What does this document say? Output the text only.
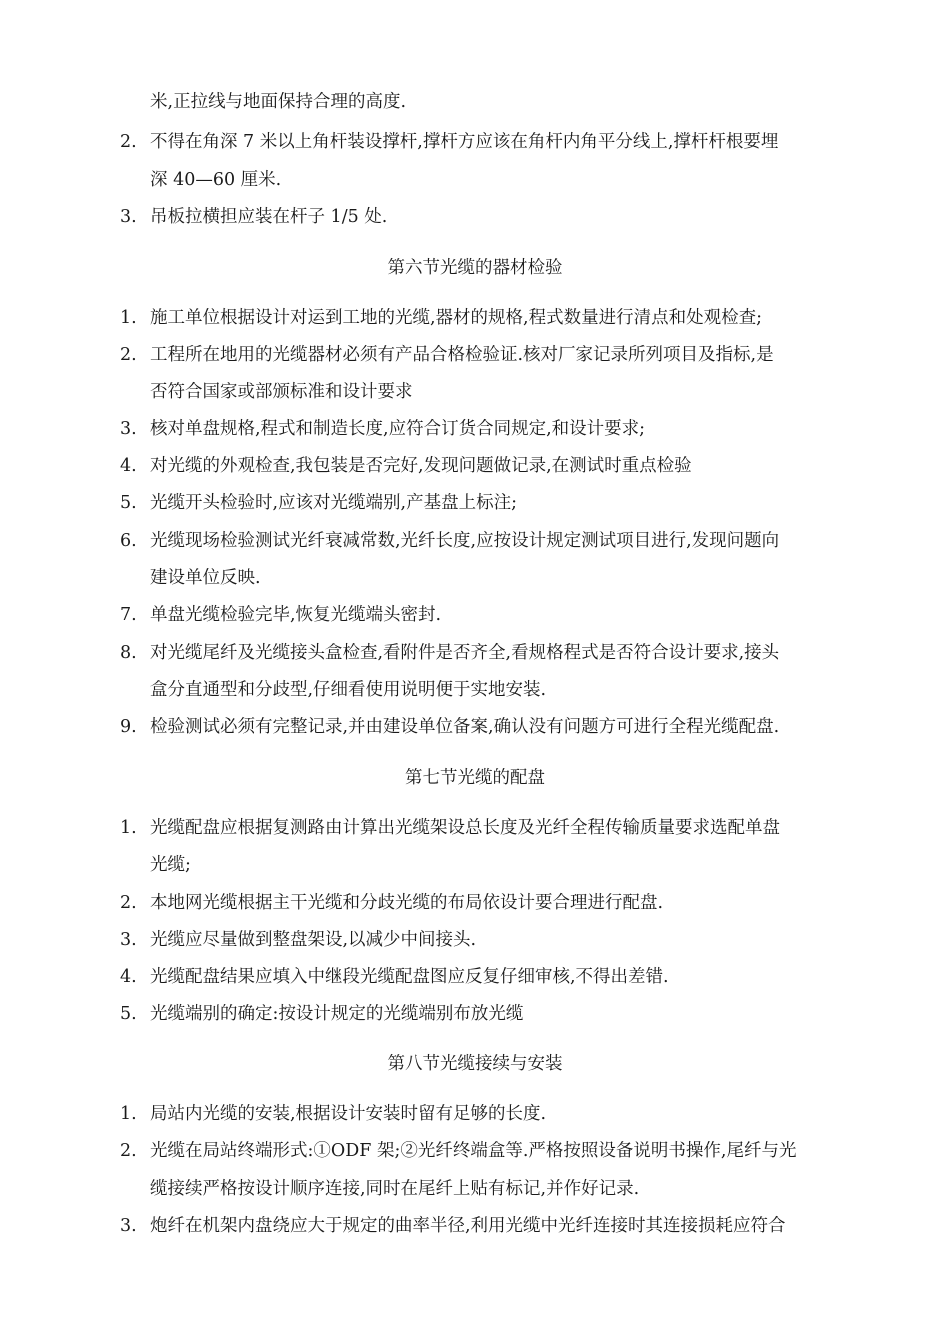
米,正拉线与地面保持合理的高度.
2. 不得在角深 7 米以上角杆装设撑杆,撑杆方应该在角杆内角平分线上,撑杆杆根要埋
深 40—60 厘米.
3. 吊板拉横担应装在杆子 1/5 处.
第六节光缆的器材检验
1. 施工单位根据设计对运到工地的光缆,器材的规格,程式数量进行清点和处观检查;
2. 工程所在地用的光缆器材必须有产品合格检验证.核对厂家记录所列项目及指标,是
否符合国家或部颁标准和设计要求
3. 核对单盘规格,程式和制造长度,应符合订货合同规定,和设计要求;
4. 对光缆的外观检查,我包装是否完好,发现问题做记录,在测试时重点检验
5. 光缆开头检验时,应该对光缆端别,产基盘上标注;
6. 光缆现场检验测试光纤衰减常数,光纤长度,应按设计规定测试项目进行,发现问题向
建设单位反映.
7. 单盘光缆检验完毕,恢复光缆端头密封.
8. 对光缆尾纤及光缆接头盒检查,看附件是否齐全,看规格程式是否符合设计要求,接头
盒分直通型和分歧型,仔细看使用说明便于实地安装.
9. 检验测试必须有完整记录,并由建设单位备案,确认没有问题方可进行全程光缆配盘.
第七节光缆的配盘
1. 光缆配盘应根据复测路由计算出光缆架设总长度及光纤全程传输质量要求选配单盘
光缆;
2. 本地网光缆根据主干光缆和分歧光缆的布局依设计要合理进行配盘.
3. 光缆应尽量做到整盘架设,以减少中间接头.
4. 光缆配盘结果应填入中继段光缆配盘图应反复仔细审核,不得出差错.
5. 光缆端别的确定:按设计规定的光缆端别布放光缆
第八节光缆接续与安装
1. 局站内光缆的安装,根据设计安装时留有足够的长度.
2. 光缆在局站终端形式:①ODF 架;②光纤终端盒等.严格按照设备说明书操作,尾纤与光
缆接续严格按设计顺序连接,同时在尾纤上贴有标记,并作好记录.
3. 炮纤在机架内盘绕应大于规定的曲率半径,利用光缆中光纤连接时其连接损耗应符合
